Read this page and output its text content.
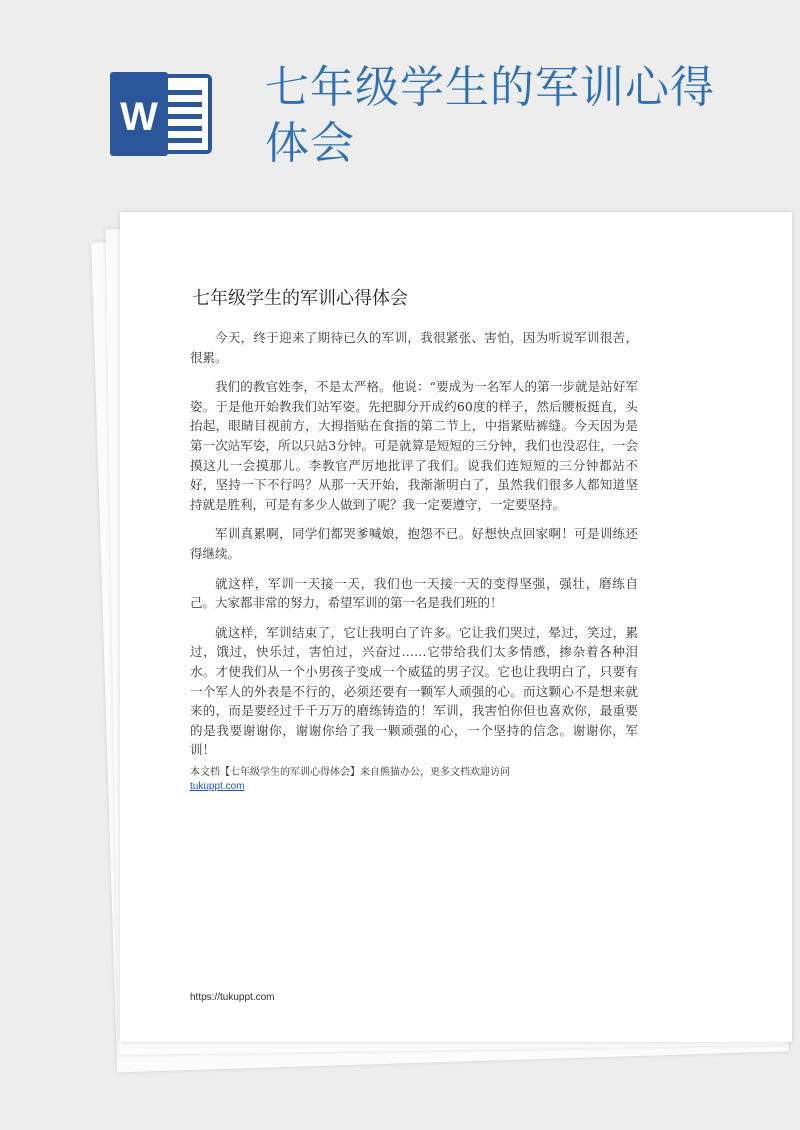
W
七年级学生的军训心得体会
七年级学生的军训心得体会

今天，终于迎来了期待已久的军训，我很紧张、害怕，因为听说军训很苦，很累。

我们的教官姓李，不是太严格。他说：“要成为一名军人的第一步就是站好军姿。于是他开始教我们站军姿。先把脚分开成约60度的样子，然后腰板挺直，头抬起，眼睛目视前方，大拇指贴在食指的第二节上，中指紧贴裤缝。今天因为是第一次站军姿，所以只站3分钟。可是就算是短短的三分钟，我们也没忍住，一会摸这儿一会摸那儿。李教官严厉地批评了我们。说我们连短短的三分钟都站不好，坚持一下不行吗？从那一天开始，我渐渐明白了，虽然我们很多人都知道坚持就是胜利，可是有多少人做到了呢？我一定要遵守，一定要坚持。

军训真累啊，同学们都哭爹喊娘，抱怨不已。好想快点回家啊！可是训练还得继续。

就这样，军训一天接一天，我们也一天接一天的变得坚强，强壮，磨练自己。大家都非常的努力，希望军训的第一名是我们班的！

就这样，军训结束了，它让我明白了许多。它让我们哭过，晕过，笑过，累过，饿过，快乐过，害怕过，兴奋过……它带给我们太多情感，掺杂着各种泪水。才使我们从一个小男孩子变成一个威猛的男子汉。它也让我明白了，只要有一个军人的外表是不行的，必须还要有一颗军人顽强的心。而这颗心不是想来就来的，而是要经过千千万万的磨练铸造的！军训，我害怕你但也喜欢你，最重要的是我要谢谢你，谢谢你给了我一颗顽强的心，一个坚持的信念。谢谢你，军训！

本文档【七年级学生的军训心得体会】来自熊猫办公，更多文档欢迎访问
tukuppt.com
https://tukuppt.com
